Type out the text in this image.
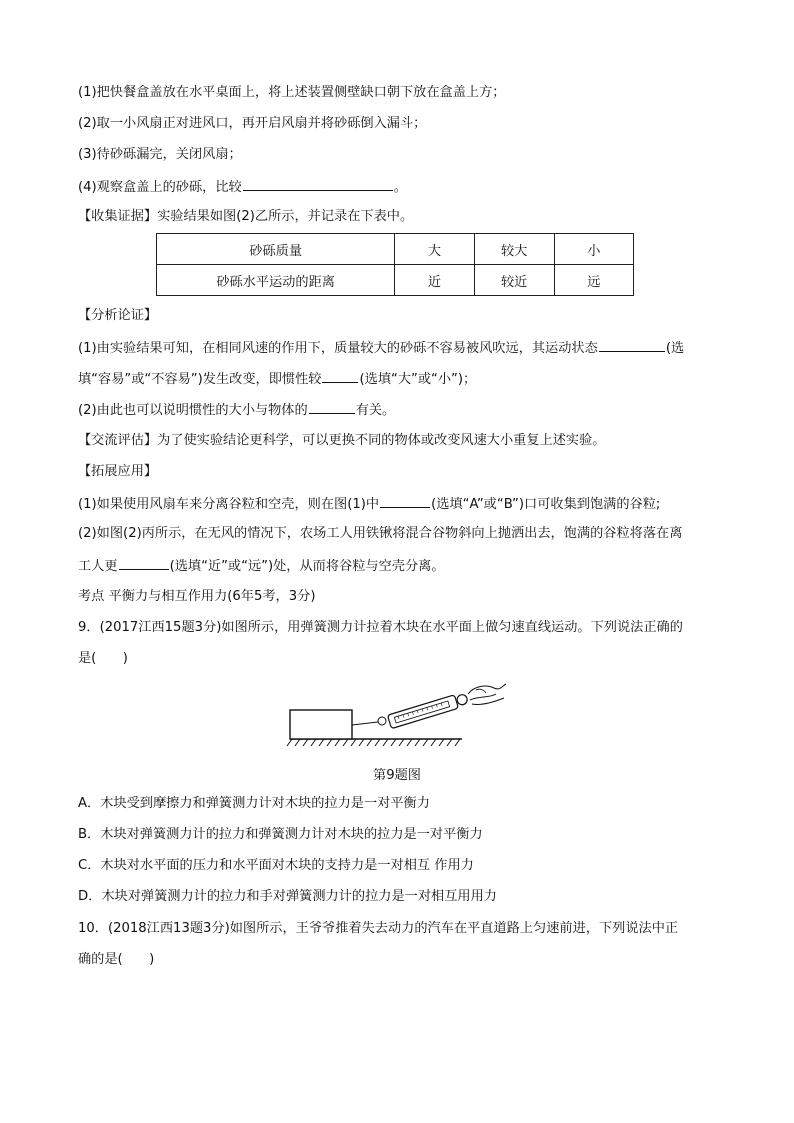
(1)把快餐盒盖放在水平桌面上，将上述装置侧壁缺口朝下放在盒盖上方；
(2)取一小风扇正对进风口，再开启风扇并将砂砾倒入漏斗；
(3)待砂砾漏完，关闭风扇；
(4)观察盒盖上的砂砾，比较	。
【收集证据】实验结果如图(2)乙所示，并记录在下表中。
砂砾质量	大	较大	小
砂砾水平运动的距离	近	较近	远
【分析论证】
(1)由实验结果可知，在相同风速的作用下，质量较大的砂砾不容易被风吹远，其运动状态	(选
填“容易”或“不容易”)发生改变，即惯性较	(选填“大”或“小”)；
(2)由此也可以说明惯性的大小与物体的	有关。
【交流评估】为了使实验结论更科学，可以更换不同的物体或改变风速大小重复上述实验。
【拓展应用】
(1)如果使用风扇车来分离谷粒和空壳，则在图(1)中	(选填“A”或“B”)口可收集到饱满的谷粒;
(2)如图(2)丙所示，在无风的情况下，农场工人用铁锹将混合谷物斜向上抛洒出去，饱满的谷粒将落在离
工人更	(选填“近”或“远”)处，从而将谷粒与空壳分离。
考点 平衡力与相互作用力(6年5考，3分)
9．(2017江西15题3分)如图所示，用弹簧测力计拉着木块在水平面上做匀速直线运动。下列说法正确的
是(　　)
第9题图
A．木块受到摩擦力和弹簧测力计对木块的拉力是一对平衡力
B．木块对弹簧测力计的拉力和弹簧测力计对木块的拉力是一对平衡力
C．木块对水平面的压力和水平面对木块的支持力是一对相互 作用力
D．木块对弹簧测力计的拉力和手对弹簧测力计的拉力是一对相互用用力
10．(2018江西13题3分)如图所示，王爷爷推着失去动力的汽车在平直道路上匀速前进，下列说法中正
确的是(　　)
